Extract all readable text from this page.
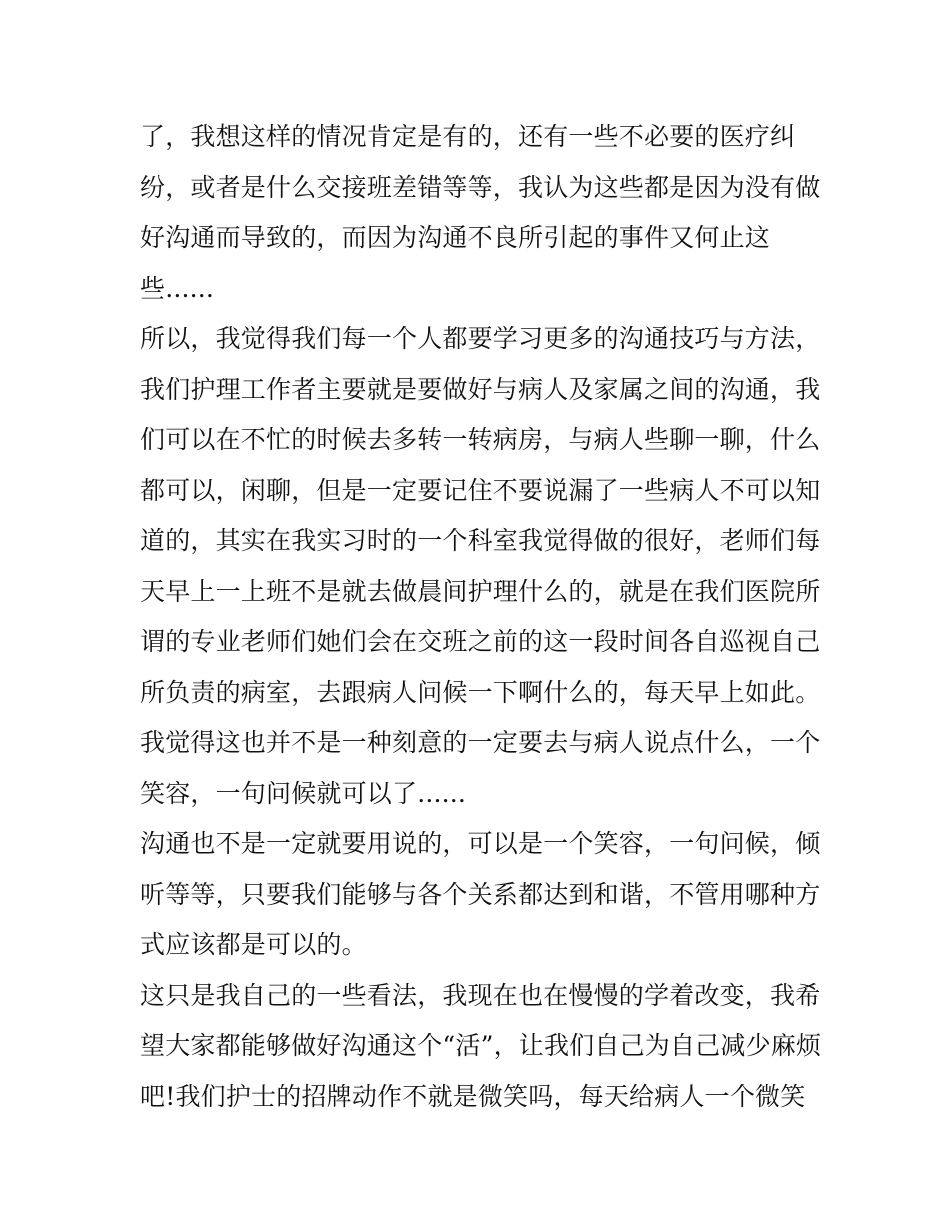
了，我想这样的情况肯定是有的，还有一些不必要的医疗纠
纷，或者是什么交接班差错等等，我认为这些都是因为没有做
好沟通而导致的，而因为沟通不良所引起的事件又何止这
些......
所以，我觉得我们每一个人都要学习更多的沟通技巧与方法，
我们护理工作者主要就是要做好与病人及家属之间的沟通，我
们可以在不忙的时候去多转一转病房，与病人些聊一聊，什么
都可以，闲聊，但是一定要记住不要说漏了一些病人不可以知
道的，其实在我实习时的一个科室我觉得做的很好，老师们每
天早上一上班不是就去做晨间护理什么的，就是在我们医院所
谓的专业老师们她们会在交班之前的这一段时间各自巡视自己
所负责的病室，去跟病人问候一下啊什么的，每天早上如此。
我觉得这也并不是一种刻意的一定要去与病人说点什么，一个
笑容，一句问候就可以了......
沟通也不是一定就要用说的，可以是一个笑容，一句问候，倾
听等等，只要我们能够与各个关系都达到和谐，不管用哪种方
式应该都是可以的。
这只是我自己的一些看法，我现在也在慢慢的学着改变，我希
望大家都能够做好沟通这个“活”，让我们自己为自己减少麻烦
吧!我们护士的招牌动作不就是微笑吗，每天给病人一个微笑
